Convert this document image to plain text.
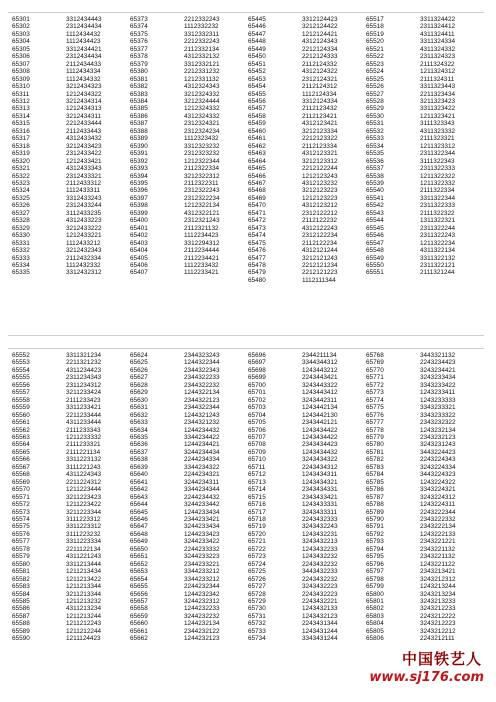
65301	3312434443	65373	2212332243	65445	3312124423	65517	3311324422
65302	2312434434	65374	1112332232	65446	3212124422	65518	2311324412
65303	1112434432	65375	3312332311	65447	1212124421	65519	4311324411
65304	1112434423	65376	2212332243	65448	4312124343	65520	3311324334
65305	3312434421	65377	2112332134	65449	2212124334	65521	4311324332
65306	2312434434	65378	4312332132	65450	2212124333	65522	2311324323
65307	2112434433	65379	3312332121	65451	2112124332	65523	2111324322
65308	1112434334	65380	2212331232	65452	4312124322	65524	1211324312
65309	1112434332	65381	1212331132	65453	2312124321	65525	2111324311
65310	3212434323	65382	4312324343	65454	2112124312	65526	3311323443
65311	1212434322	65383	3212324332	65455	1112124334	65527	2211323434
65312	3212434314	65384	3212324444	65456	3312124334	65528	3211323423
65313	1212434313	65385	1212324332	65457	2112123432	65529	3311323422
65314	3212434311	65386	4312324332	65458	2112123421	65530	1211323421
65315	2212433444	65387	2312324321	65459	4312123421	65531	3111323343
65316	2112433443	65388	2312324234	65460	3212123334	65532	4311323332
65317	4312433432	65389	1112323432	65461	2212123322	65533	2111323321
65318	3212433423	65390	3312323232	65462	2112123334	65534	1211323312
65319	2312433422	65391	2312323232	65463	4312123321	65535	2311322344
65320	1212433421	65392	1212322344	65464	3212123312	65536	3111322343
65321	4312433343	65393	2112322334	65465	2212122244	65537	2311322333
65322	2312433321	65394	3212322312	65466	1212123243	65538	1211322322
65323	2112433312	65395	2112322311	65467	4312123232	65539	1211322332
65324	1112433311	65396	2312322243	65468	3212123223	65540	2111322334
65325	3312433243	65397	2312322234	65469	1212123223	65541	3311322344
65326	2312433244	65398	1212322134	65470	4312123212	65542	2311322333
65327	3112433235	65399	4312322121	65471	2312122212	65543	2111322322
65328	4312433223	65400	2312321243	65472	2112122232	65544	1311322321
65329	3212433222	65401	2112321132	65473	4312122243	65545	2311322244
65330	1212433221	65402	1112234423	65474	2312122234	65546	2311322243
65331	1112433212	65403	3312294312	65475	2112122234	65547	1211322234
65332	3212432343	65404	2112234444	65476	4312121244	65548	4311322134
65333	2112432334	65405	2112234421	65477	3212121243	65549	3311322132
65334	1112432332	65406	1112233432	65478	2212121234	65550	2311322121
65335	3312432312	65407	1112233421	65479	2212121223	65551	2111321244
65480	1112111344
65552	3311321234	65624	2344323243	65696	2344211134	65768	3443321132
65553	2211321232	65625	1244322344	65697	3344344312	65769	2243234423
65554	4311234423	65626	2344322343	65698	1243443212	65770	3243234421
65555	2311234343	65627	2344322233	65699	2243443421	65771	3243233434
65556	2311234312	65628	2344322232	65700	3243443322	65772	3343233422
65557	3211233424	65629	1244322134	65701	1243443412	65773	1243233411
65558	2111233423	65630	2344322123	65702	3243442311	65774	1243233333
65559	3311233421	65631	2344322344	65703	1243442134	65775	3343233321
65560	2211233444	65632	1244321243	65704	1243442130	65776	3343233322
65561	4311233444	65633	2344321232	65705	2343442121	65777	2343232322
65562	2111233343	65634	1244234432	65706	1243434422	65778	1243232134
65563	1211233332	65635	3344234422	65707	1243434422	65779	2343232123
65564	2111233321	65636	1244234421	65708	2343434423	65780	3243231243
65565	2111221134	65637	3244234434	65709	1243434432	65781	3443224423
65566	3311223132	65638	2244234334	65710	3243434322	65782	2243224343
65567	3111221243	65639	3344234322	65711	2243434312	65783	3243224334
65568	4311224343	65640	2244234321	65712	1243434311	65784	3443224323
65569	2211224312	65641	3244234311	65713	1243434321	65785	1243224322
65570	1211223444	65642	3344234344	65714	2343434331	65786	3343224321
65571	3211223423	65643	2244234432	65715	2343433421	65787	3243224312
65572	1211223422	65644	3244233442	65716	1243433331	65788	1243224311
65573	3211223344	65645	1244233434	65717	3243433311	65789	2243222344
65574	3111223312	65646	2344233421	65718	2243432333	65790	2343222332
65575	3311223312	65647	3244233434	65719	3243432243	65791	2343222134
65576	3111223232	65648	1244233423	65720	1243432231	65792	1243222133
65577	3311223334	65649	3244233422	65721	3243432213	65793	2343221221
65578	2211122134	65650	2244233332	65722	1243432233	65794	2343221132
65579	4311221243	65651	3244233223	65723	1243432232	65795	2343221132
65580	3311213444	65652	2344233221	65724	2243432232	65796	1243221122
65581	1211213434	65653	3344233212	65725	3443432233	65797	2343213421
65582	1211213422	65654	3344233212	65726	2243432232	65798	3243212312
65583	1211213344	65655	2244232344	65727	3243432223	65799	1243213244
65584	3211213344	65656	1244232342	65728	2243432223	65800	3243213234
65585	1211213232	65657	3244232312	65729	2243432221	65801	3243213233
65586	4311213234	65658	1244232233	65730	1243432133	65802	3243212233
65587	1211213244	65659	3244232232	65731	1243432123	65803	2243212222
65588	1211212243	65660	1244232134	65732	2243431344	65804	3243212223
65589	1211212244	65661	2344232122	65733	1243431244	65805	3243212212
65590	1211124423	65662	1244232123	65734	3343431244	65806	2243212111
中国铁艺人
www.sj176.com
